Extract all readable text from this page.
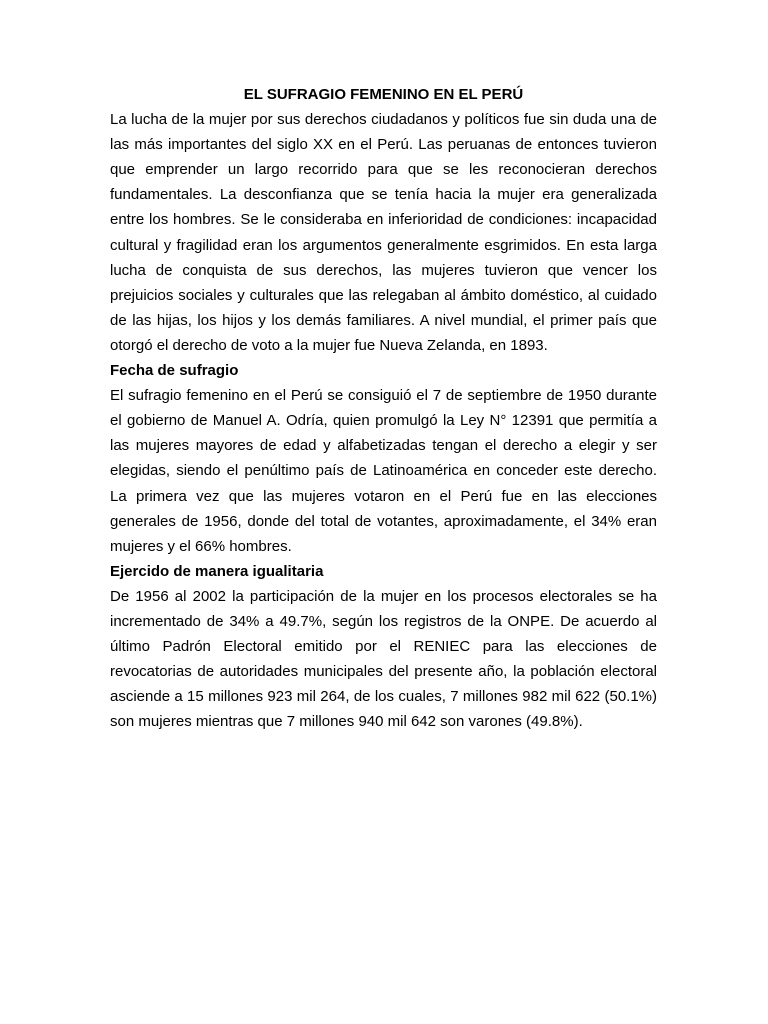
EL SUFRAGIO FEMENINO EN EL PERÚ

La lucha de la mujer por sus derechos ciudadanos y políticos fue sin duda una de las más importantes del siglo XX en el Perú. Las peruanas de entonces tuvieron que emprender un largo recorrido para que se les reconocieran derechos fundamentales. La desconfianza que se tenía hacia la mujer era generalizada entre los hombres. Se le consideraba en inferioridad de condiciones: incapacidad cultural y fragilidad eran los argumentos generalmente esgrimidos. En esta larga lucha de conquista de sus derechos, las mujeres tuvieron que vencer los prejuicios sociales y culturales que las relegaban al ámbito doméstico, al cuidado de las hijas, los hijos y los demás familiares. A nivel mundial, el primer país que otorgó el derecho de voto a la mujer fue Nueva Zelanda, en 1893.

Fecha de sufragio

El sufragio femenino en el Perú se consiguió el 7 de septiembre de 1950 durante el gobierno de Manuel A. Odría, quien promulgó la Ley N° 12391 que permitía a las mujeres mayores de edad y alfabetizadas tengan el derecho a elegir y ser elegidas, siendo el penúltimo país de Latinoamérica en conceder este derecho. La primera vez que las mujeres votaron en el Perú fue en las elecciones generales de 1956, donde del total de votantes, aproximadamente, el 34% eran mujeres y el 66% hombres.

Ejercido de manera igualitaria

De 1956 al 2002 la participación de la mujer en los procesos electorales se ha incrementado de 34% a 49.7%, según los registros de la ONPE. De acuerdo al último Padrón Electoral emitido por el RENIEC para las elecciones de revocatorias de autoridades municipales del presente año, la población electoral asciende a 15 millones 923 mil 264, de los cuales, 7 millones 982 mil 622 (50.1%) son mujeres mientras que 7 millones 940 mil 642 son varones (49.8%).
